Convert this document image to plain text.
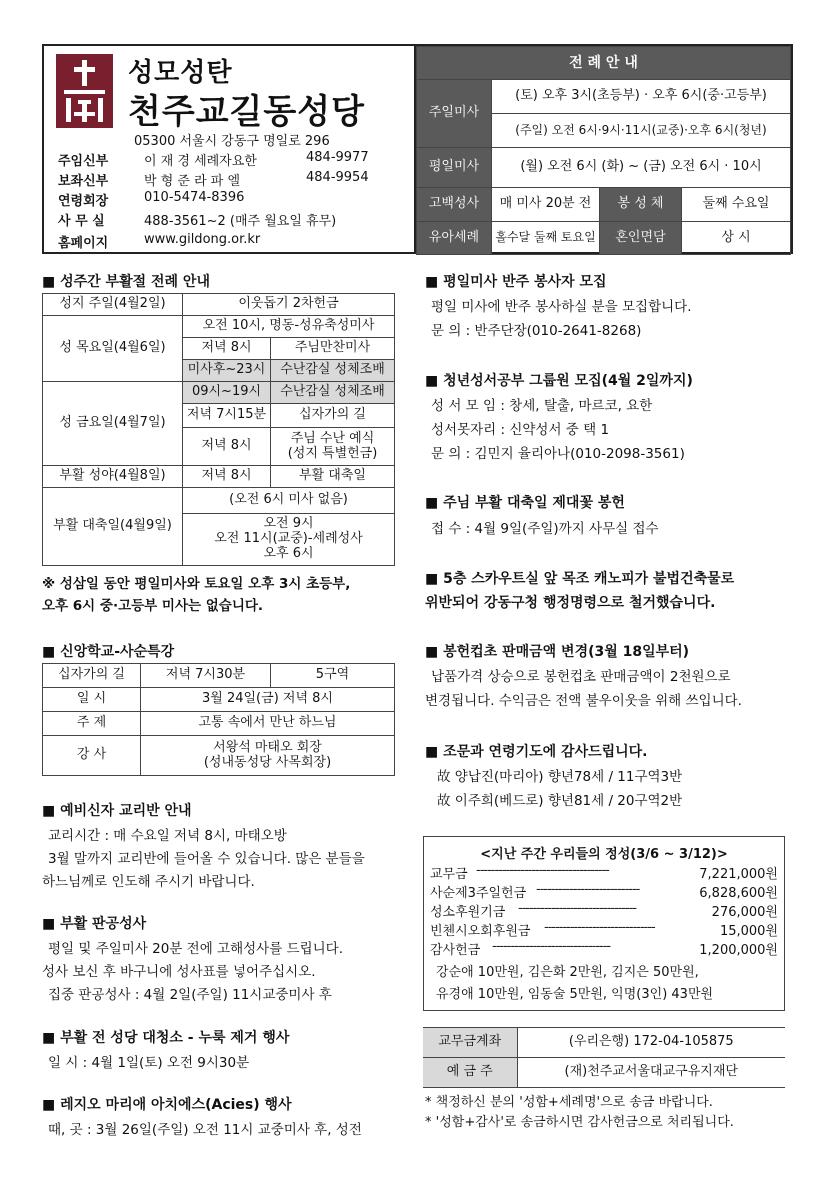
성모성탄
천주교길동성당
05300 서울시 강동구 명일로 296
주임신부	이 재 경 세례자요한	484-9977
보좌신부	박 형 준 라 파 엘	484-9954
연령회장	010-5474-8396
사 무 실	488-3561~2 (매주 월요일 휴무)
홈페이지	www.gildong.or.kr
전 례 안 내			
주일미사	(토) 오후 3시(초등부) · 오후 6시(중·고등부)		
	(주일) 오전 6시·9시·11시(교중)·오후 6시(청년)		
평일미사	(월) 오전 6시 (화) ~ (금) 오전 6시 · 10시		
고백성사	매 미사 20분 전	봉 성 체	둘째 수요일
유아세례	홀수달 둘째 토요일	혼인면담	상 시
■ 성주간 부활절 전례 안내
성지 주일(4월2일)	이웃돕기 2차헌금	
성 목요일(4월6일)	오전 10시, 명동-성유축성미사	
	저녁 8시	주님만찬미사
	미사후~23시	수난감실 성체조배
성 금요일(4월7일)	09시~19시	수난감실 성체조배
	저녁 7시15분	십자가의 길
	저녁 8시	주님 수난 예식
(성지 특별헌금)

부활 성야(4월8일)	저녁 8시	부활 대축일
부활 대축일(4월9일)	(오전 6시 미사 없음)	

	오전 9시
오전 11시(교중)-세례성사
오후 6시	
※ 성삼일 동안 평일미사와 토요일 오후 3시 초등부,
오후 6시 중·고등부 미사는 없습니다.
■ 신앙학교-사순특강
십자가의 길	저녁 7시30분	5구역
일 시	3월 24일(금) 저녁 8시	
주 제	고통 속에서 만난 하느님	
강 사	서왕석 마태오 회장
(성내동성당 사목회장)	
■ 예비신자 교리반 안내
교리시간 : 매 수요일 저녁 8시, 마태오방
3월 말까지 교리반에 들어올 수 있습니다. 많은 분들을
하느님께로 인도해 주시기 바랍니다.
■ 부활 판공성사
평일 및 주일미사 20분 전에 고해성사를 드립니다.
성사 보신 후 바구니에 성사표를 넣어주십시오.
집중 판공성사 : 4월 2일(주일) 11시교중미사 후
■ 부활 전 성당 대청소 - 누룩 제거 행사
일 시 : 4월 1일(토) 오전 9시30분
■ 레지오 마리애 아치에스(Acies) 행사
때, 곳 : 3월 26일(주일) 오전 11시 교중미사 후, 성전
■ 평일미사 반주 봉사자 모집
평일 미사에 반주 봉사하실 분을 모집합니다.
문 의 : 반주단장(010-2641-8268)
■ 청년성서공부 그룹원 모집(4월 2일까지)
성 서 모 임 : 창세, 탈출, 마르코, 요한
성서못자리 : 신약성서 중 택 1
문 의 : 김민지 율리아나(010-2098-3561)
■ 주님 부활 대축일 제대꽃 봉헌
접 수 : 4월 9일(주일)까지 사무실 접수
■ 5층 스카우트실 앞 목조 캐노피가 불법건축물로
위반되어 강동구청 행정명령으로 철거했습니다.
■ 봉헌컵초 판매금액 변경(3월 18일부터)
납품가격 상승으로 봉헌컵초 판매금액이 2천원으로
변경됩니다. 수익금은 전액 불우이웃을 위해 쓰입니다.
■ 조문과 연령기도에 감사드립니다.
故 양납진(마리아) 향년78세 / 11구역3반
故 이주희(베드로) 향년81세 / 20구역2반
<지난 주간 우리들의 정성(3/6 ~ 3/12)>
교무금 ------------------------------------	7,221,000원
사순제3주일헌금 ----------------------------	6,828,600원
성소후원기금 --------------------------------	276,000원
빈첸시오회후원금 ------------------------------	15,000원
감사헌금 --------------------------------	1,200,000원
강순애 10만원, 김은화 2만원, 김지은 50만원,
유경애 10만원, 임동술 5만원, 익명(3인) 43만원
교무금계좌	(우리은행) 172-04-105875
예 금 주	(재)천주교서울대교구유지재단
* 책정하신 분의 '성함+세례명'으로 송금 바랍니다.
* '성함+감사'로 송금하시면 감사헌금으로 처리됩니다.
